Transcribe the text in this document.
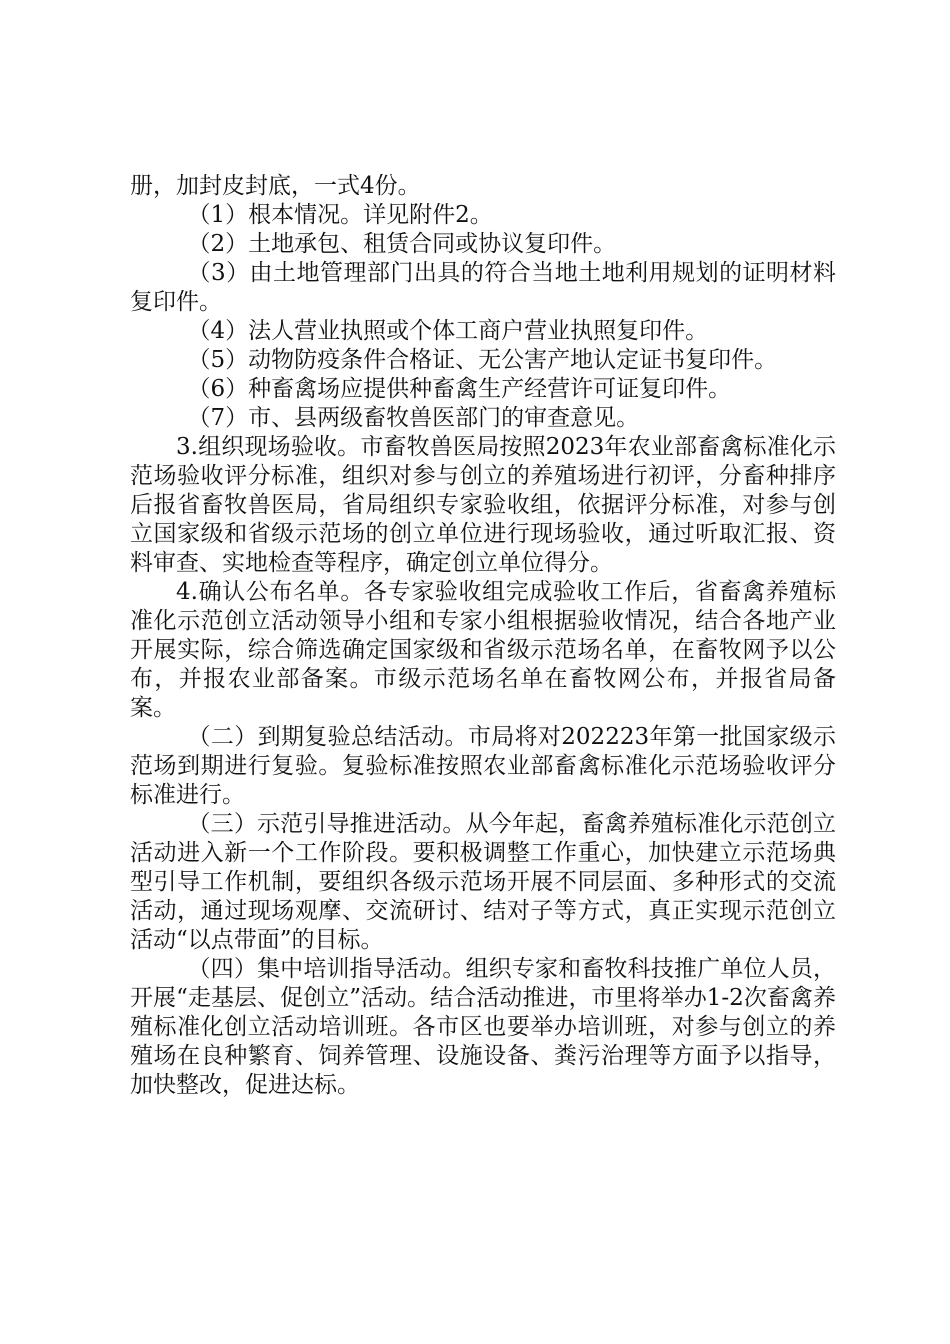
册，加封皮封底，一式4份。

（1）根本情况。详见附件2。

（2）土地承包、租赁合同或协议复印件。

（3）由土地管理部门出具的符合当地土地利用规划的证明材料复印件。

（4）法人营业执照或个体工商户营业执照复印件。

（5）动物防疫条件合格证、无公害产地认定证书复印件。

（6）种畜禽场应提供种畜禽生产经营许可证复印件。

（7）市、县两级畜牧兽医部门的审查意见。

3.组织现场验收。市畜牧兽医局按照2023年农业部畜禽标准化示范场验收评分标准，组织对参与创立的养殖场进行初评，分畜种排序后报省畜牧兽医局，省局组织专家验收组，依据评分标准，对参与创立国家级和省级示范场的创立单位进行现场验收，通过听取汇报、资料审查、实地检查等程序，确定创立单位得分。

4.确认公布名单。各专家验收组完成验收工作后，省畜禽养殖标准化示范创立活动领导小组和专家小组根据验收情况，结合各地产业开展实际，综合筛选确定国家级和省级示范场名单，在畜牧网予以公布，并报农业部备案。市级示范场名单在畜牧网公布，并报省局备案。

（二）到期复验总结活动。市局将对202223年第一批国家级示范场到期进行复验。复验标准按照农业部畜禽标准化示范场验收评分标准进行。

（三）示范引导推进活动。从今年起，畜禽养殖标准化示范创立活动进入新一个工作阶段。要积极调整工作重心，加快建立示范场典型引导工作机制，要组织各级示范场开展不同层面、多种形式的交流活动，通过现场观摩、交流研讨、结对子等方式，真正实现示范创立活动“以点带面”的目标。

（四）集中培训指导活动。组织专家和畜牧科技推广单位人员，开展“走基层、促创立”活动。结合活动推进，市里将举办1-2次畜禽养殖标准化创立活动培训班。各市区也要举办培训班，对参与创立的养殖场在良种繁育、饲养管理、设施设备、粪污治理等方面予以指导，加快整改，促进达标。
